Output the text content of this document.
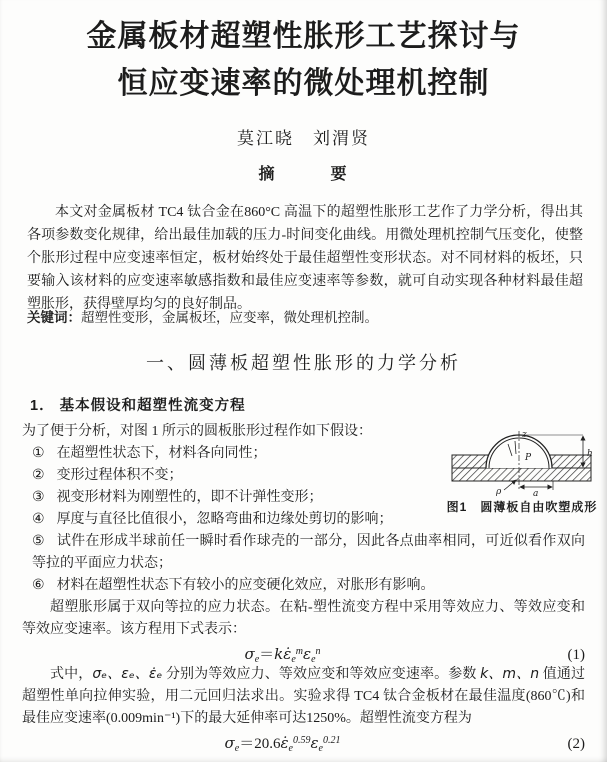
金属板材超塑性胀形工艺探讨与
恒应变速率的微处理机控制
莫江晓　刘渭贤
摘　　　要

本文对金属板材 TC4 钛合金在860°C 高温下的超塑性胀形工艺作了力学分析，得出其各项参数变化规律，给出最佳加载的压力-时间变化曲线。用微处理机控制气压变化，使整个胀形过程中应变速率恒定，板材始终处于最佳超塑性变形状态。对不同材料的板坯，只要输入该材料的应变速率敏感指数和最佳应变速率等参数，就可自动实现各种材料最佳超塑胀形，获得壁厚均匀的良好制品。

关键词：超塑性变形，金属板坯，应变率，微处理机控制。
一、圆薄板超塑性胀形的力学分析
1． 基本假设和超塑性流变方程

为了便于分析，对图 1 所示的圆板胀形过程作如下假设：

① 在超塑性状态下，材料各向同性；

② 变形过程体积不变；

③ 视变形材料为刚塑性的，即不计弹性变形；

④ 厚度与直径比值很小，忽略弯曲和边缘处剪切的影响；

⑤ 试件在形成半球前任一瞬时看作球壳的一部分，因此各点曲率相同，可近似看作双向等拉的平面应力状态；

⑥ 材料在超塑性状态下有较小的应变硬化效应，对胀形有影响。

超塑胀形属于双向等拉的应力状态。在粘-塑性流变方程中采用等效应力、等效应变和等效应变速率。该方程用下式表示：

$\sigma_e=k\varepsiloṅ_e^m\varepsilon_e^n$	(1)

式中，σₑ、εₑ、ε̇ₑ 分别为等效应力、等效应变和等效应变速率。参数 k、m、n 值通过超塑性单向拉伸实验，用二元回归法求出。实验求得 TC4 钛合金板材在最佳温度(860℃)和最佳应变速率(0.009min⁻¹)下的最大延伸率可达1250%。超塑性流变方程为

$\sigma_e=20.6\varepsiloṅ_e^{0.59}\varepsilon_e^{0.21}$	(2)
z
P	h
ρ	a
图1　圆薄板自由吹塑成形
